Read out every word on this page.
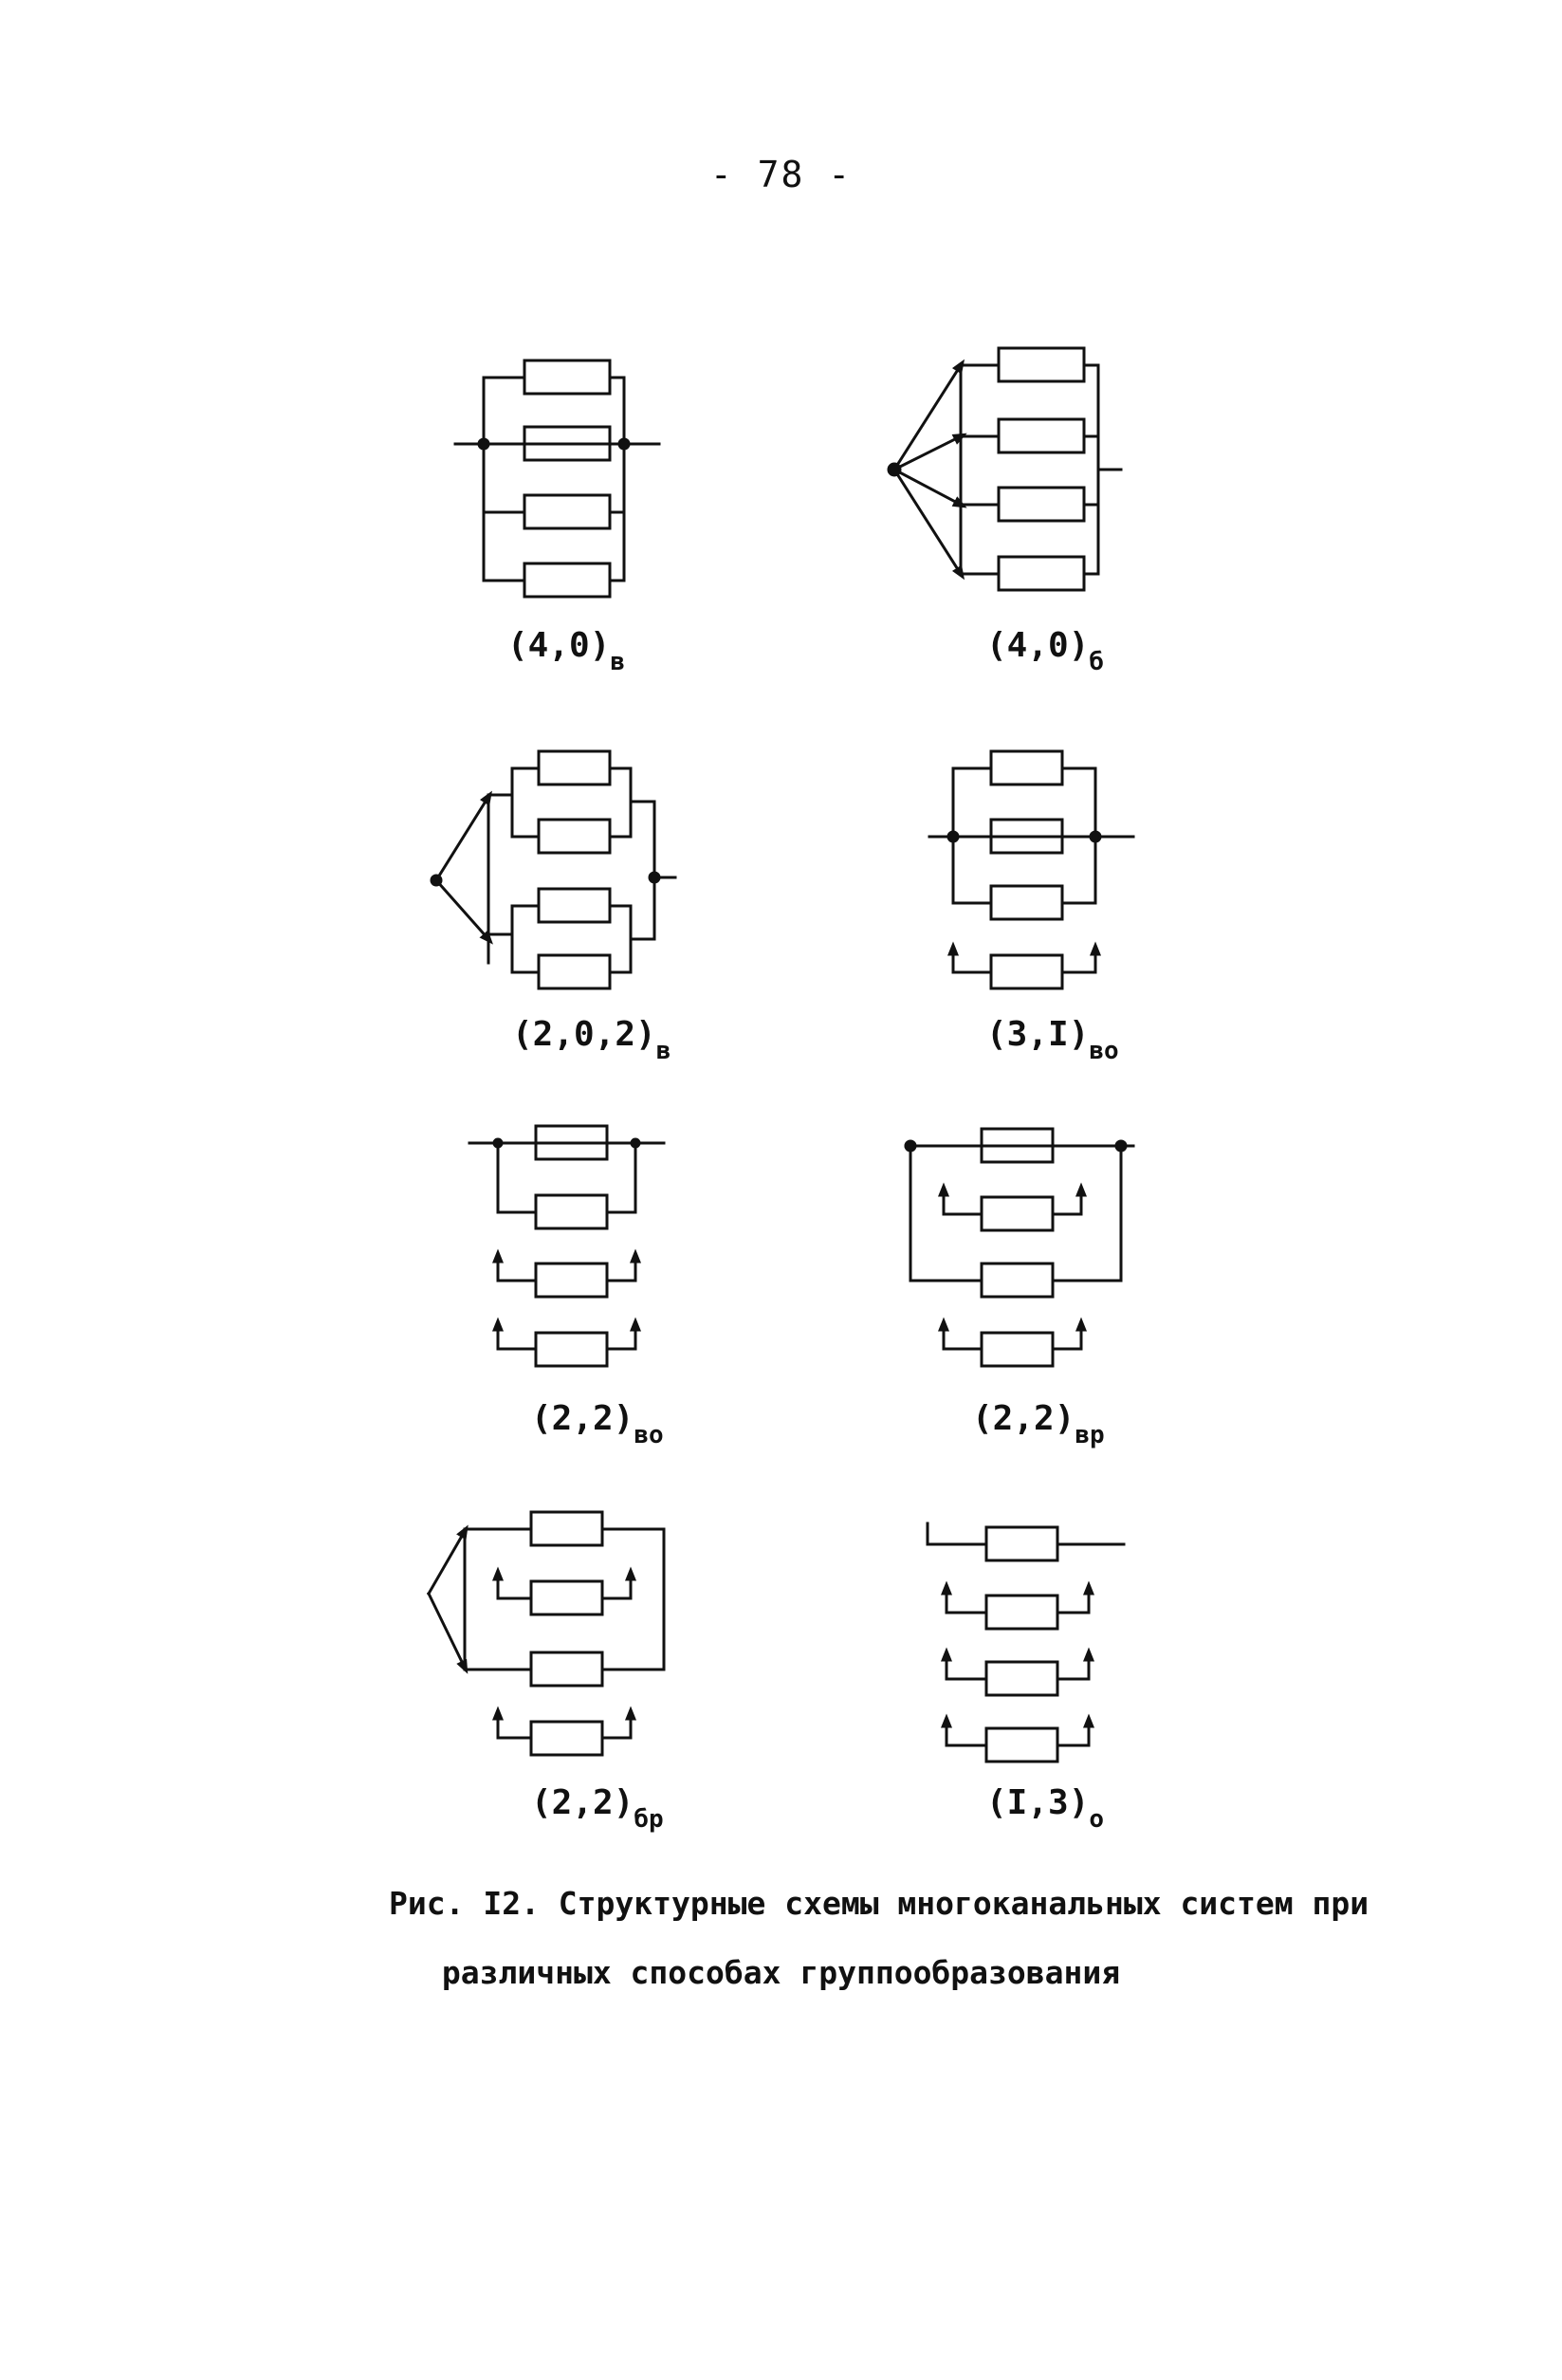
- 78 -
$(4,0)_в$	$(4,0)_б$
$(2,0,2)_в$	$(3,I)_{во}$
$(2,2)_{во}$	$(2,2)_{вр}$
$(2,2)_{бр}$	$(I,3)_о$
Рис. I2. Структурные схемы многоканальных систем при
различных способах группообразования
